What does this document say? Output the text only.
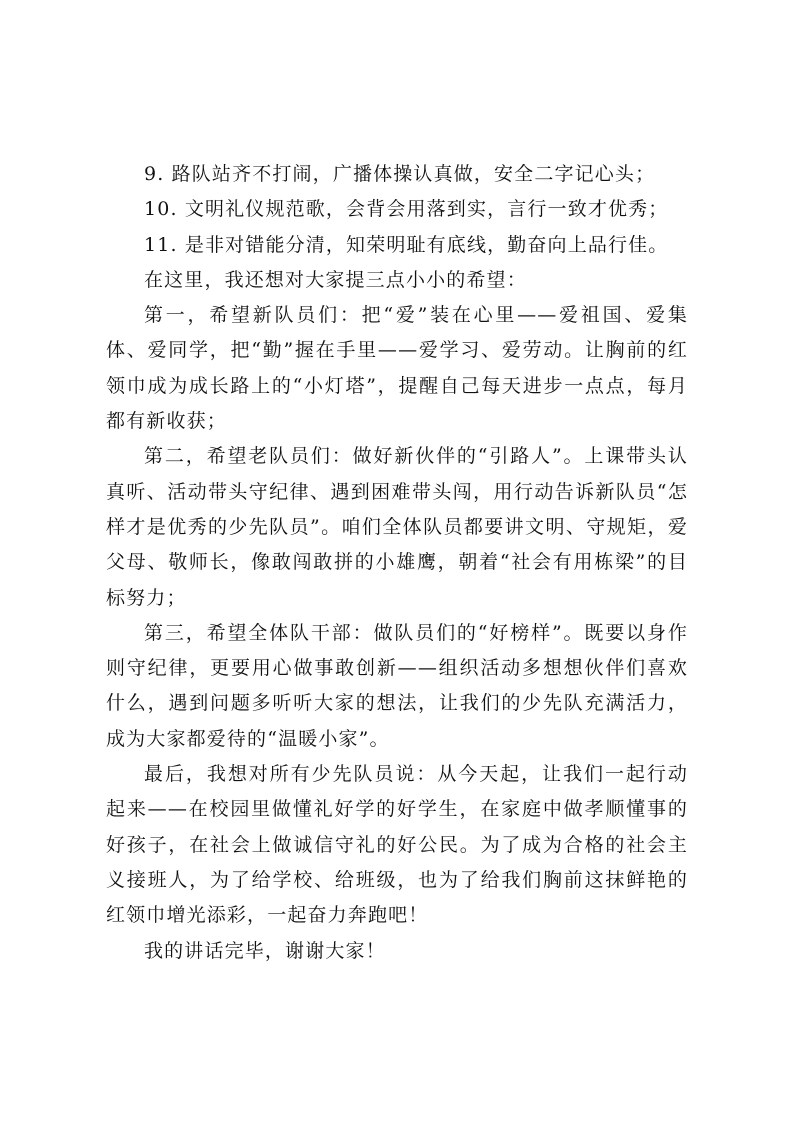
9. 路队站齐不打闹，广播体操认真做，安全二字记心头；

10. 文明礼仪规范歌，会背会用落到实，言行一致才优秀；

11. 是非对错能分清，知荣明耻有底线，勤奋向上品行佳。

在这里，我还想对大家提三点小小的希望：

第一，希望新队员们：把“爱”装在心里——爱祖国、爱集体、爱同学，把“勤”握在手里——爱学习、爱劳动。让胸前的红领巾成为成长路上的“小灯塔”，提醒自己每天进步一点点，每月都有新收获；

第二，希望老队员们：做好新伙伴的“引路人”。上课带头认真听、活动带头守纪律、遇到困难带头闯，用行动告诉新队员“怎样才是优秀的少先队员”。咱们全体队员都要讲文明、守规矩，爱父母、敬师长，像敢闯敢拼的小雄鹰，朝着“社会有用栋梁”的目标努力；

第三，希望全体队干部：做队员们的“好榜样”。既要以身作则守纪律，更要用心做事敢创新——组织活动多想想伙伴们喜欢什么，遇到问题多听听大家的想法，让我们的少先队充满活力，成为大家都爱待的“温暖小家”。

最后，我想对所有少先队员说：从今天起，让我们一起行动起来——在校园里做懂礼好学的好学生，在家庭中做孝顺懂事的好孩子，在社会上做诚信守礼的好公民。为了成为合格的社会主义接班人，为了给学校、给班级，也为了给我们胸前这抹鲜艳的红领巾增光添彩，一起奋力奔跑吧！

我的讲话完毕，谢谢大家！
